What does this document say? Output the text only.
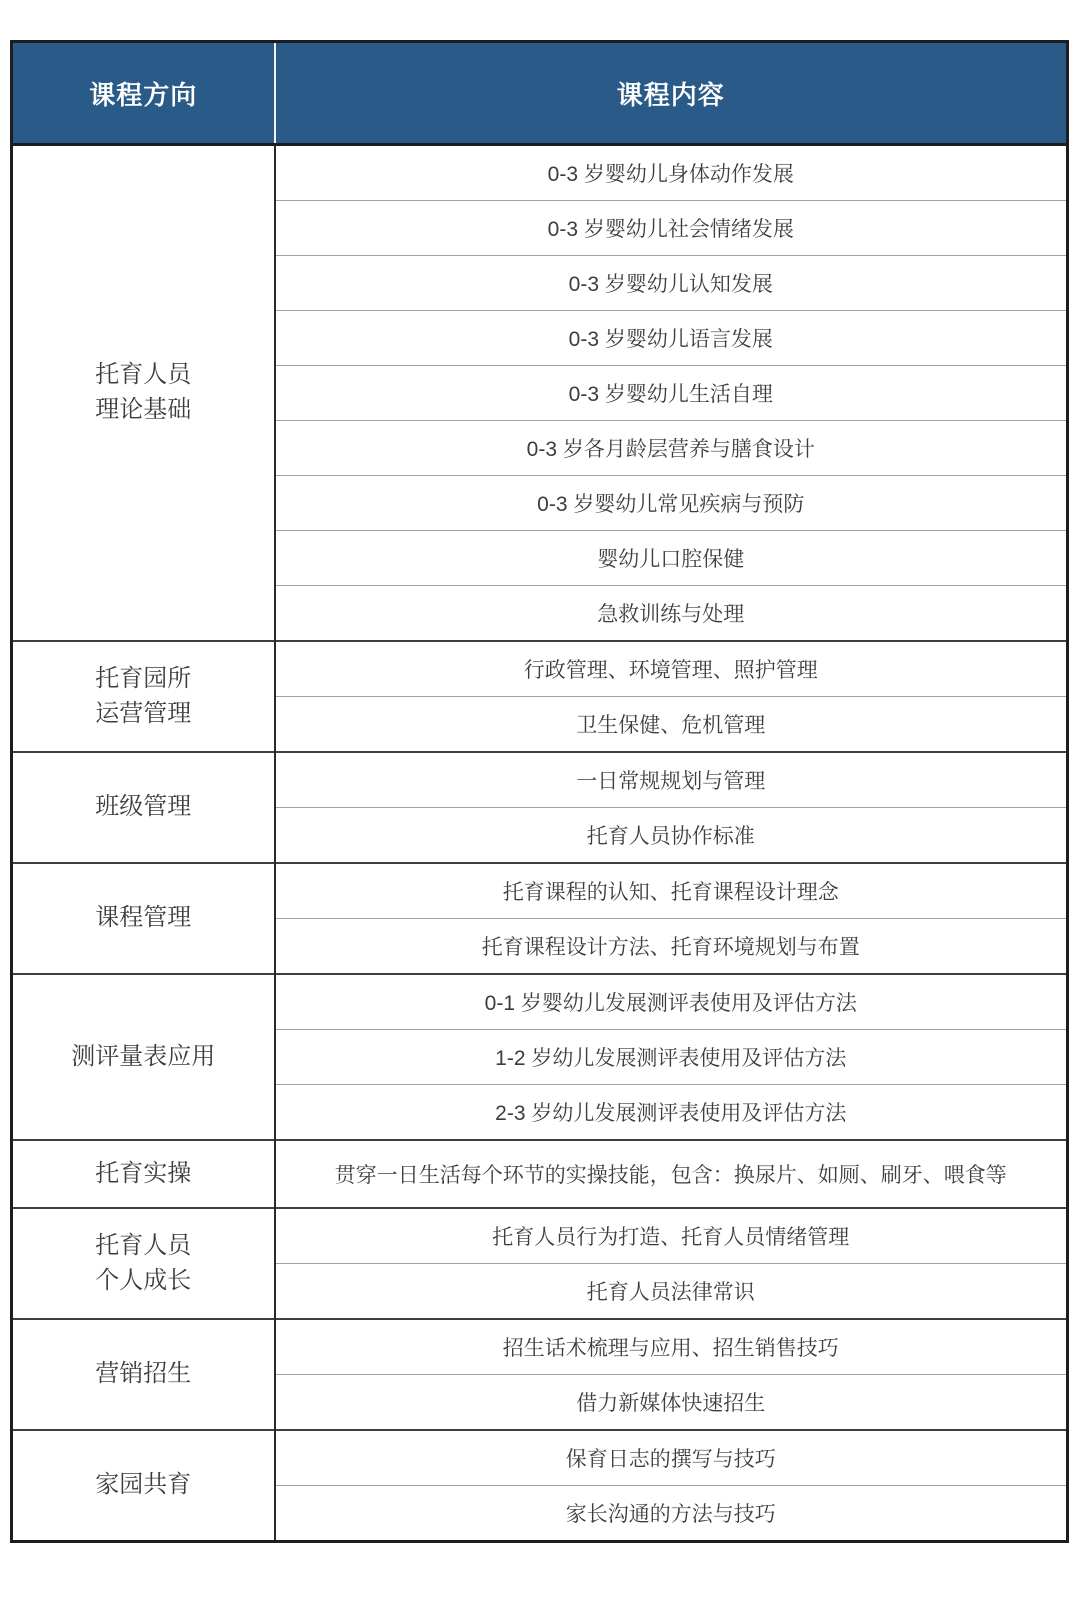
课程方向	课程内容
托育人员
理论基础	0-3 岁婴幼儿身体动作发展
	0-3 岁婴幼儿社会情绪发展
	0-3 岁婴幼儿认知发展
	0-3 岁婴幼儿语言发展
	0-3 岁婴幼儿生活自理
	0-3 岁各月龄层营养与膳食设计
	0-3 岁婴幼儿常见疾病与预防
	婴幼儿口腔保健
	急救训练与处理
托育园所
运营管理	行政管理、环境管理、照护管理
	卫生保健、危机管理
班级管理	一日常规规划与管理
	托育人员协作标准
课程管理	托育课程的认知、托育课程设计理念
	托育课程设计方法、托育环境规划与布置
测评量表应用	0-1 岁婴幼儿发展测评表使用及评估方法
	1-2 岁幼儿发展测评表使用及评估方法
	2-3 岁幼儿发展测评表使用及评估方法
托育实操	贯穿一日生活每个环节的实操技能，包含：换尿片、如厕、刷牙、喂食等
托育人员
个人成长	托育人员行为打造、托育人员情绪管理
	托育人员法律常识
营销招生	招生话术梳理与应用、招生销售技巧
	借力新媒体快速招生
家园共育	保育日志的撰写与技巧
	家长沟通的方法与技巧
